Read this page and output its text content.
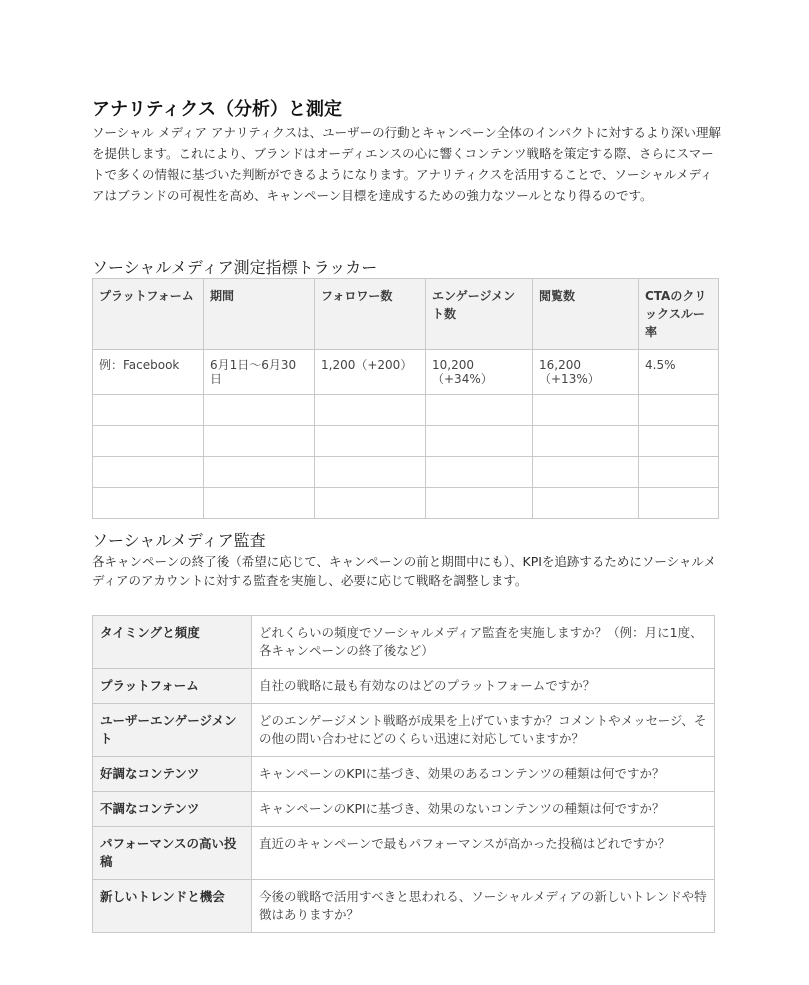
アナリティクス（分析）と測定

ソーシャル メディア アナリティクスは、ユーザーの行動とキャンペーン全体のインパクトに対するより深い理解を提供します。これにより、ブランドはオーディエンスの心に響くコンテンツ戦略を策定する際、さらにスマートで多くの情報に基づいた判断ができるようになります。アナリティクスを活用することで、ソーシャルメディアはブランドの可視性を高め、キャンペーン目標を達成するための強力なツールとなり得るのです。

ソーシャルメディア測定指標トラッカー
プラットフォーム	期間	フォロワー数	エンゲージメント数	閲覧数	CTAのクリックスルー率
例：Facebook	6月1日〜6月30日	1,200（+200）	10,200（+34%）	16,200（+13%）	4.5%

ソーシャルメディア監査

各キャンペーンの終了後（希望に応じて、キャンペーンの前と期間中にも）、KPIを追跡するためにソーシャルメディアのアカウントに対する監査を実施し、必要に応じて戦略を調整します。

タイミングと頻度	どれくらいの頻度でソーシャルメディア監査を実施しますか？（例：月に1度、各キャンペーンの終了後など）
プラットフォーム	自社の戦略に最も有効なのはどのプラットフォームですか？
ユーザーエンゲージメント	どのエンゲージメント戦略が成果を上げていますか？コメントやメッセージ、その他の問い合わせにどのくらい迅速に対応していますか？
好調なコンテンツ	キャンペーンのKPIに基づき、効果のあるコンテンツの種類は何ですか？
不調なコンテンツ	キャンペーンのKPIに基づき、効果のないコンテンツの種類は何ですか？
パフォーマンスの高い投稿	直近のキャンペーンで最もパフォーマンスが高かった投稿はどれですか？
新しいトレンドと機会	今後の戦略で活用すべきと思われる、ソーシャルメディアの新しいトレンドや特徴はありますか？
